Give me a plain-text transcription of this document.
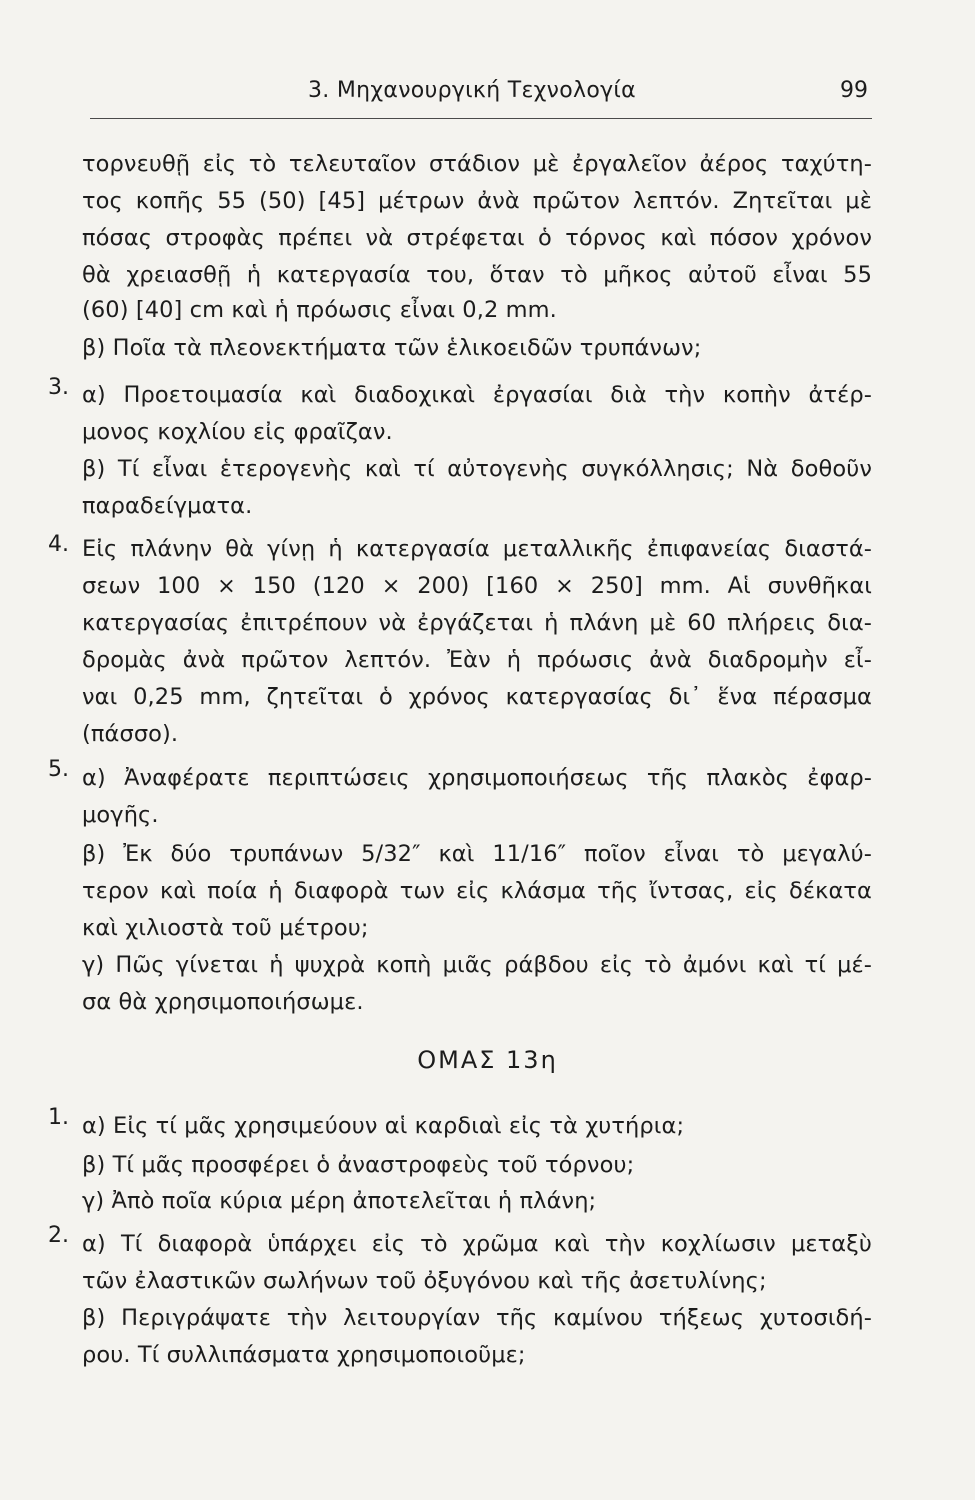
3. Μηχανουργική Τεχνολογία	99
τορνευθῇ εἰς τὸ τελευταῖον στάδιον μὲ ἐργαλεῖον ἀέρος ταχύτη-
τος κοπῆς 55 (50) [45] μέτρων ἀνὰ πρῶτον λεπτόν. Ζητεῖται μὲ
πόσας στροφὰς πρέπει νὰ στρέφεται ὁ τόρνος καὶ πόσον χρόνον
θὰ χρειασθῇ ἡ κατεργασία του, ὅταν τὸ μῆκος αὐτοῦ εἶναι 55
(60) [40] cm καὶ ἡ πρόωσις εἶναι 0,2 mm.
β) Ποῖα τὰ πλεονεκτήματα τῶν ἑλικοειδῶν τρυπάνων;
3. α) Προετοιμασία καὶ διαδοχικαὶ ἐργασίαι διὰ τὴν κοπὴν ἀτέρ-
μονος κοχλίου εἰς φραῖζαν.
β) Τί εἶναι ἑτερογενὴς καὶ τί αὐτογενὴς συγκόλλησις; Νὰ δοθοῦν
παραδείγματα.
4. Εἰς πλάνην θὰ γίνῃ ἡ κατεργασία μεταλλικῆς ἐπιφανείας διαστά-
σεων 100 × 150 (120 × 200) [160 × 250] mm. Αἱ συνθῆκαι
κατεργασίας ἐπιτρέπουν νὰ ἐργάζεται ἡ πλάνη μὲ 60 πλήρεις δια-
δρομὰς ἀνὰ πρῶτον λεπτόν. Ἐὰν ἡ πρόωσις ἀνὰ διαδρομὴν εἶ-
ναι 0,25 mm, ζητεῖται ὁ χρόνος κατεργασίας δι᾽ ἕνα πέρασμα
(πάσσο).
5. α) Ἀναφέρατε περιπτώσεις χρησιμοποιήσεως τῆς πλακὸς ἐφαρ-
μογῆς.
β) Ἐκ δύο τρυπάνων 5/32″ καὶ 11/16″ ποῖον εἶναι τὸ μεγαλύ-
τερον καὶ ποία ἡ διαφορὰ των εἰς κλάσμα τῆς ἴντσας, εἰς δέκατα
καὶ χιλιοστὰ τοῦ μέτρου;
γ) Πῶς γίνεται ἡ ψυχρὰ κοπὴ μιᾶς ράβδου εἰς τὸ ἀμόνι καὶ τί μέ-
σα θὰ χρησιμοποιήσωμε.
ΟΜΑΣ 13η
1. α) Εἰς τί μᾶς χρησιμεύουν αἱ καρδιαὶ εἰς τὰ χυτήρια;
β) Τί μᾶς προσφέρει ὁ ἀναστροφεὺς τοῦ τόρνου;
γ) Ἀπὸ ποῖα κύρια μέρη ἀποτελεῖται ἡ πλάνη;
2. α) Τί διαφορὰ ὑπάρχει εἰς τὸ χρῶμα καὶ τὴν κοχλίωσιν μεταξὺ
τῶν ἐλαστικῶν σωλήνων τοῦ ὀξυγόνου καὶ τῆς ἀσετυλίνης;
β) Περιγράψατε τὴν λειτουργίαν τῆς καμίνου τήξεως χυτοσιδή-
ρου. Τί συλλιπάσματα χρησιμοποιοῦμε;
